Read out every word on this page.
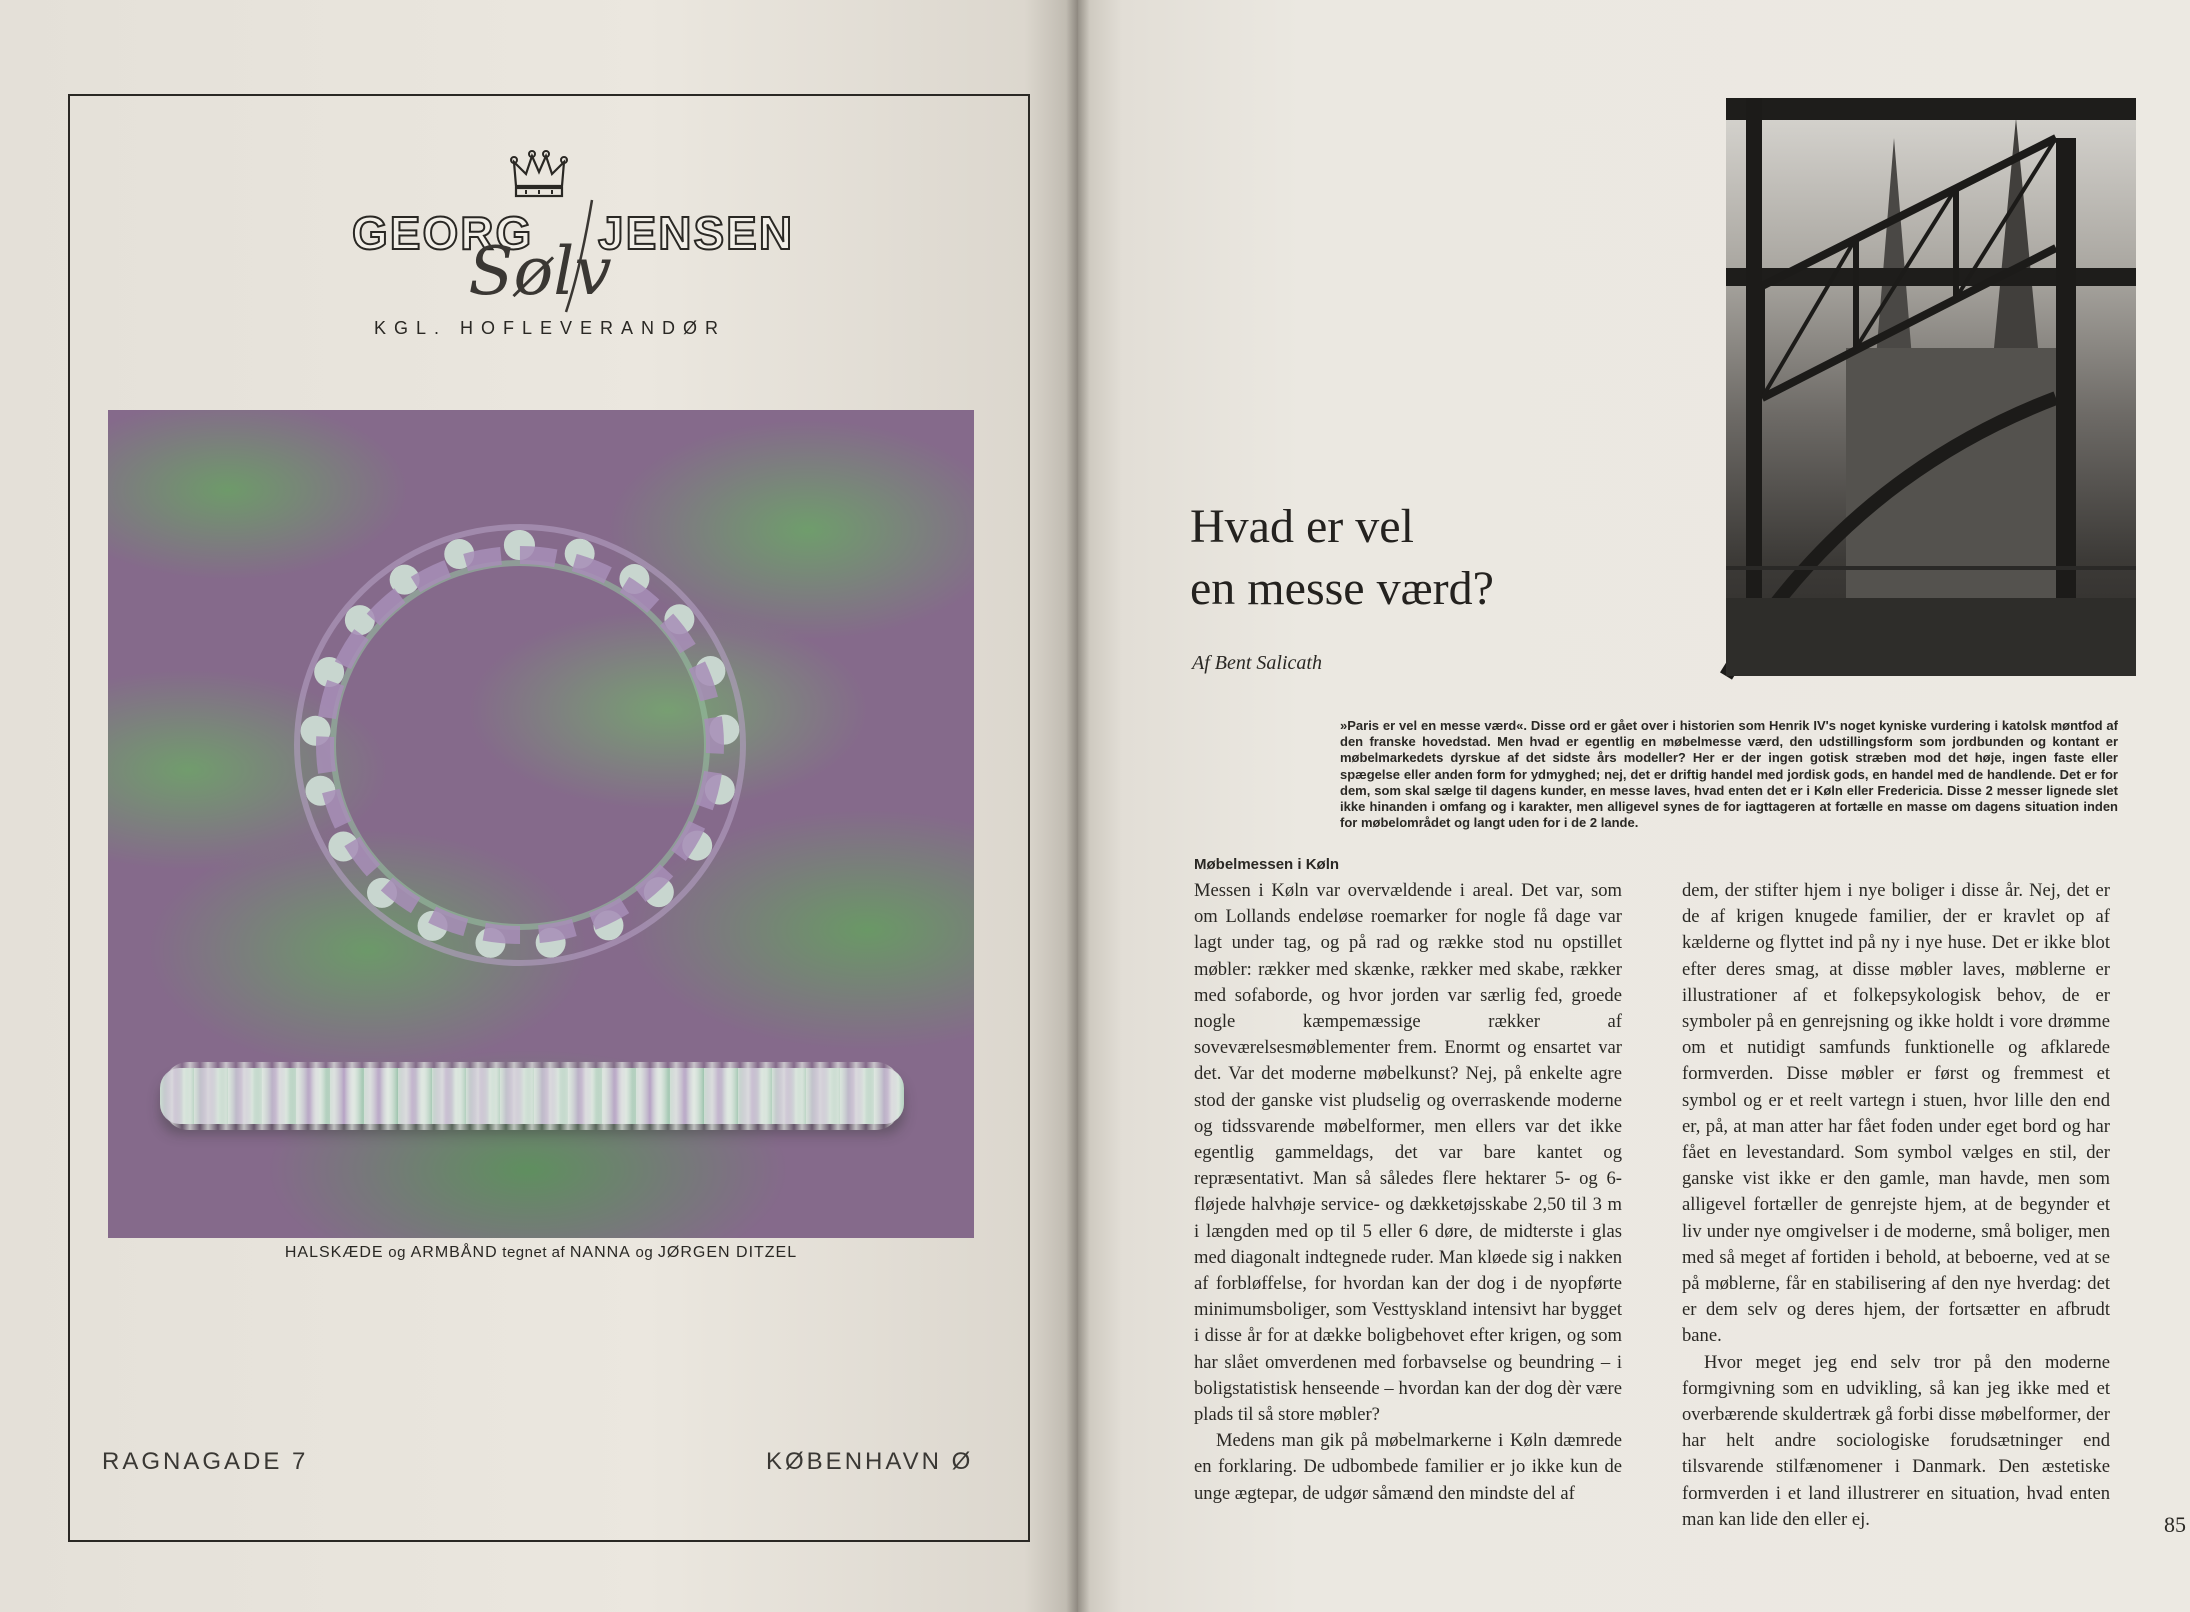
GEORG JENSEN
Sølv
KGL. HOFLEVERANDØR
HALSKÆDE og ARMBÅND tegnet af NANNA og JØRGEN DITZEL
RAGNAGADE 7	KØBENHAVN Ø
Hvad er vel
en messe værd?
Af Bent Salicath
»Paris er vel en messe værd«. Disse ord er gået over i historien som Henrik IV's noget kyniske vurdering i katolsk møntfod af den franske hovedstad. Men hvad er egentlig en møbelmesse værd, den udstillingsform som jordbunden og kontant er møbelmarkedets dyrskue af det sidste års modeller? Her er der ingen gotisk stræben mod det høje, ingen faste eller spægelse eller anden form for ydmyghed; nej, det er driftig handel med jordisk gods, en handel med de handlende. Det er for dem, som skal sælge til dagens kunder, en messe laves, hvad enten det er i Køln eller Fredericia. Disse 2 messer lignede slet ikke hinanden i omfang og i karakter, men alligevel synes de for iagttageren at fortælle en masse om dagens situation inden for møbelområdet og langt uden for i de 2 lande.
Møbelmessen i Køln

Messen i Køln var overvældende i areal. Det var, som om Lollands endeløse roemarker for nogle få dage var lagt under tag, og på rad og række stod nu opstillet møbler: rækker med skænke, rækker med skabe, rækker med sofaborde, og hvor jorden var særlig fed, groede nogle kæmpemæssige rækker af soveværelsesmøblementer frem. Enormt og ensartet var det. Var det moderne møbelkunst? Nej, på enkelte agre stod der ganske vist pludselig og overraskende moderne og tidssvarende møbelformer, men ellers var det ikke egentlig gammeldags, det var bare kantet og repræsentativt. Man så således flere hektarer 5- og 6-fløjede halvhøje service- og dækketøjsskabe 2,50 til 3 m i længden med op til 5 eller 6 døre, de midterste i glas med diagonalt indtegnede ruder. Man kløede sig i nakken af forbløffelse, for hvordan kan der dog i de nyopførte minimumsboliger, som Vesttyskland intensivt har bygget i disse år for at dække boligbehovet efter krigen, og som har slået omverdenen med forbavselse og beundring – i boligstatistisk henseende – hvordan kan der dog dèr være plads til så store møbler?

Medens man gik på møbelmarkerne i Køln dæmrede en forklaring. De udbombede familier er jo ikke kun de unge ægtepar, de udgør såmænd den mindste del af

dem, der stifter hjem i nye boliger i disse år. Nej, det er de af krigen knugede familier, der er kravlet op af kælderne og flyttet ind på ny i nye huse. Det er ikke blot efter deres smag, at disse møbler laves, møblerne er illustrationer af et folkepsykologisk behov, de er symboler på en genrejsning og ikke holdt i vore drømme om et nutidigt samfunds funktionelle og afklarede formverden. Disse møbler er først og fremmest et symbol og er et reelt vartegn i stuen, hvor lille den end er, på, at man atter har fået foden under eget bord og har fået en levestandard. Som symbol vælges en stil, der ganske vist ikke er den gamle, man havde, men som alligevel fortæller de genrejste hjem, at de begynder et liv under nye omgivelser i de moderne, små boliger, men med så meget af fortiden i behold, at beboerne, ved at se på møblerne, får en stabilisering af den nye hverdag: det er dem selv og deres hjem, der fortsætter en afbrudt bane.

Hvor meget jeg end selv tror på den moderne formgivning som en udvikling, så kan jeg ikke med et overbærende skuldertræk gå forbi disse møbelformer, der har helt andre sociologiske forudsætninger end tilsvarende stilfænomener i Danmark. Den æstetiske formverden i et land illustrerer en situation, hvad enten man kan lide den eller ej.	85
